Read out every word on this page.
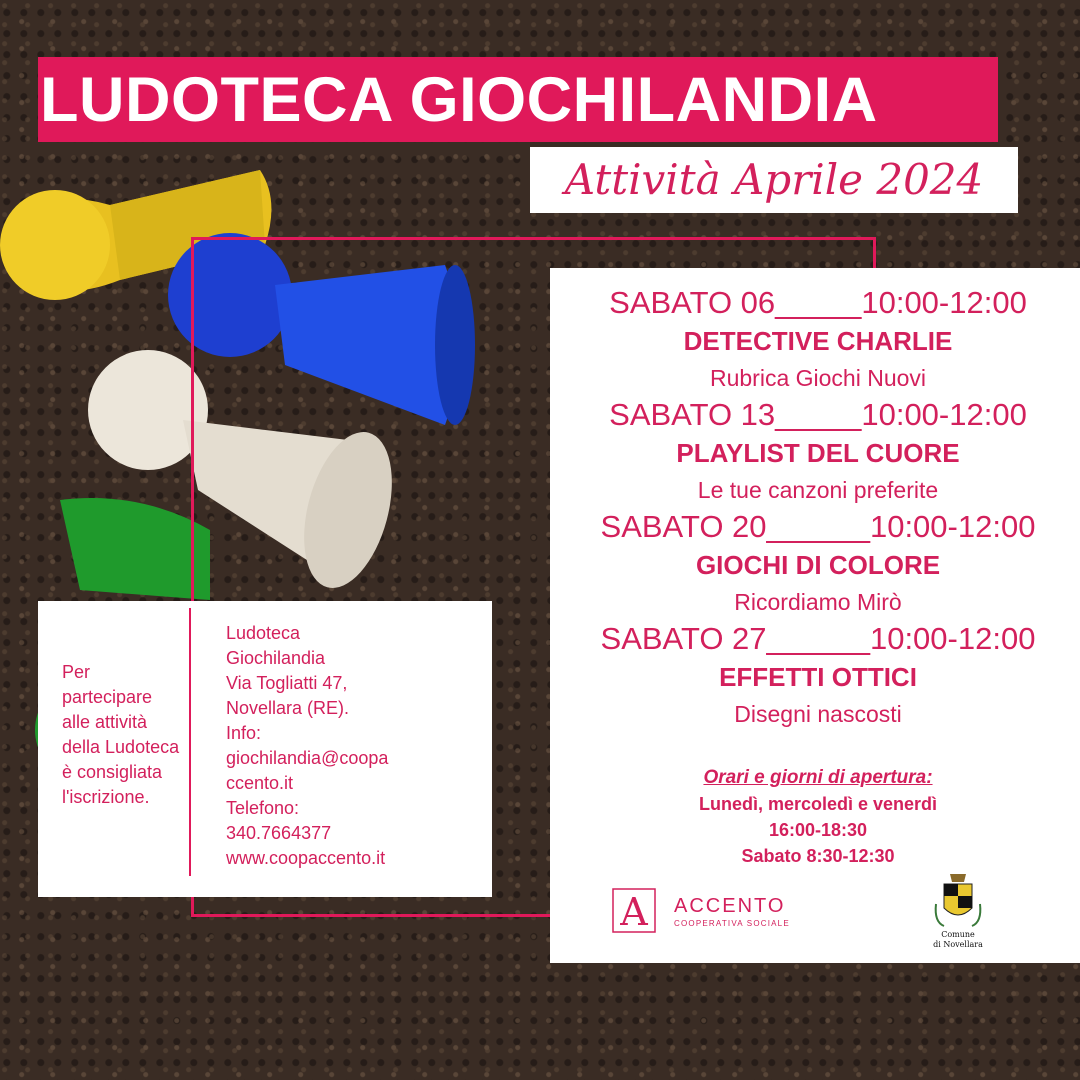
LUDOTECA GIOCHILANDIA
Attività Aprile 2024
SABATO 06_____10:00-12:00
DETECTIVE CHARLIE
Rubrica Giochi Nuovi
SABATO 13_____10:00-12:00
PLAYLIST DEL CUORE
Le tue canzoni preferite
SABATO 20______10:00-12:00
GIOCHI DI COLORE
Ricordiamo Mirò
SABATO 27______10:00-12:00
EFFETTI OTTICI
Disegni nascosti
Orari e giorni di apertura:
Lunedì, mercoledì e venerdì
16:00-18:30
Sabato 8:30-12:30
A ACCENTO
COOPERATIVA SOCIALE
Comune
di Novellara
Per partecipare alle attività della Ludoteca è consigliata l'iscrizione.
Ludoteca
Giochilandia
Via Togliatti 47,
Novellara (RE).
Info:
giochilandia@coopa
ccento.it
Telefono:
340.7664377
www.coopaccento.it
